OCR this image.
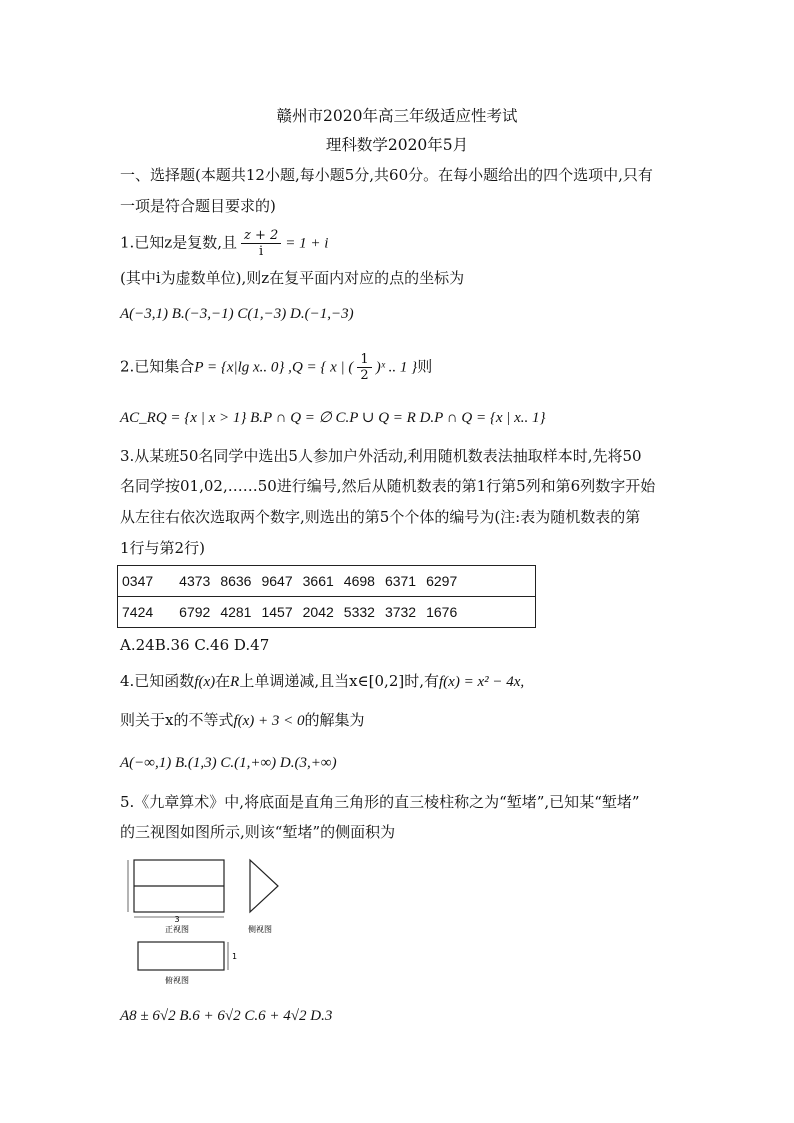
赣州市2020年高三年级适应性考试
理科数学2020年5月
一、选择题(本题共12小题,每小题5分,共60分。在每小题给出的四个选项中,只有
一项是符合题目要求的)
1.已知z是复数,且 $\frac{z + 2}{i} = 1 + i$
(其中i为虚数单位),则z在复平面内对应的点的坐标为
A(−3,1) B.(−3,−1) C(1,−3) D.(−1,−3)
2.已知集合P = {x|lg x.. 0} ,Q = { x | ( $\frac{1}{2}$ )ˣ .. 1 }则
AC_RQ = {x | x > 1} B.P ∩ Q = ∅ C.P ∪ Q = R D.P ∩ Q = {x | x.. 1}
3.从某班50名同学中选出5人参加户外活动,利用随机数表法抽取样本时,先将50
名同学按01,02,……50进行编号,然后从随机数表的第1行第5列和第6列数字开始
从左往右依次选取两个数字,则选出的第5个个体的编号为(注:表为随机数表的第
1行与第2行)
0347 4373 8636 9647 3661 4698 6371 6297
7424 6792 4281 1457 2042 5332 3732 1676
A.24B.36 C.46 D.47
4.已知函数f(x)在R上单调递减,且当x∈[0,2]时,有f(x) = x² − 4x,
则关于x的不等式f(x) + 3 < 0的解集为
A(−∞,1) B.(1,3) C.(1,+∞) D.(3,+∞)
5.《九章算术》中,将底面是直角三角形的直三棱柱称之为“堑堵”,已知某“堑堵”
的三视图如图所示,则该“堑堵”的侧面积为
3
正视图	侧视图
1
俯视图
A8 ± 6√2 B.6 + 6√2 C.6 + 4√2 D.3
